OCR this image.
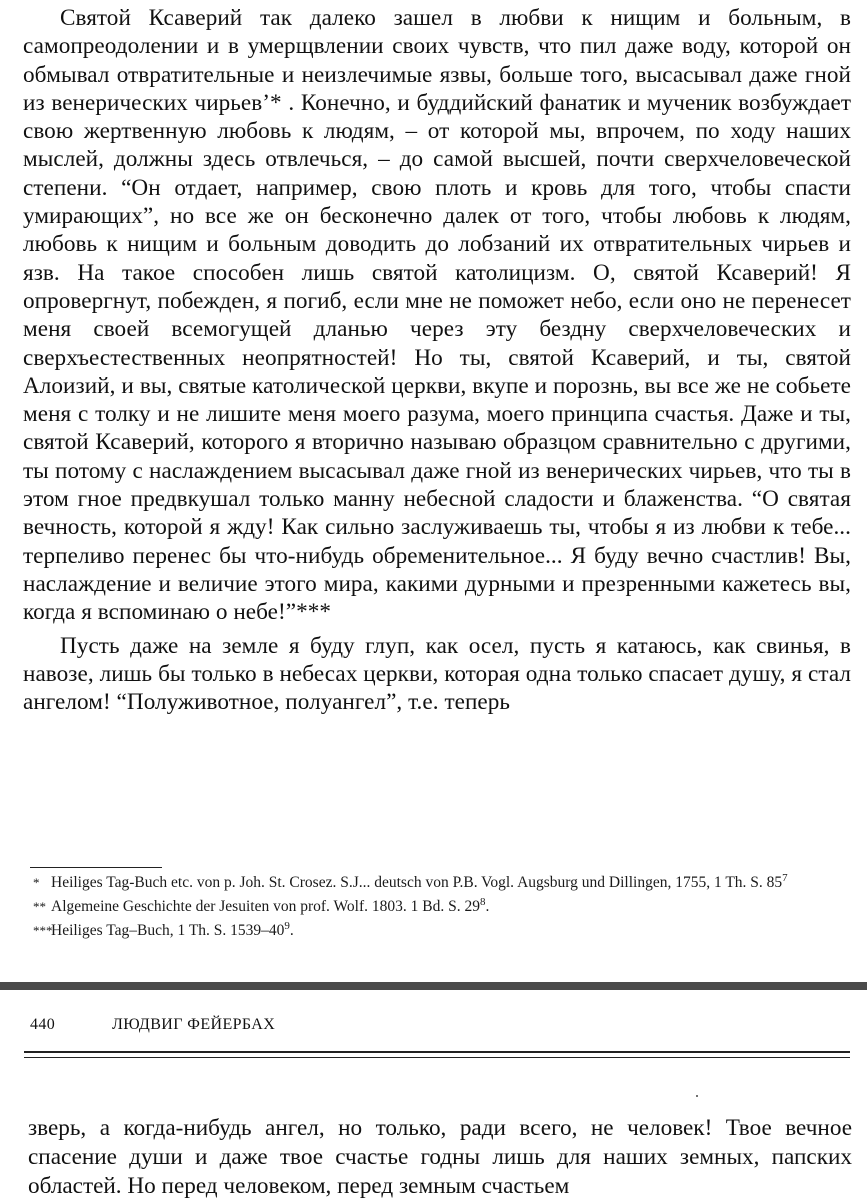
Святой Ксаверий так далеко зашел в любви к нищим и больным, в самопреодолении и в умерщвлении своих чувств, что пил даже воду, которой он обмывал отвратительные и неизлечимые язвы, больше того, высасывал даже гной из венерических чирьев’* . Конечно, и буддийский фанатик и мученик возбуждает свою жертвенную любовь к людям, – от которой мы, впрочем, по ходу наших мыслей, должны здесь отвлечься, – до самой высшей, почти сверхчеловеческой степени. “Он отдает, например, свою плоть и кровь для того, чтобы спасти умирающих”, но все же он бесконечно далек от того, чтобы любовь к людям, любовь к нищим и больным доводить до лобзаний их отвратительных чирьев и язв. На такое способен лишь святой католицизм. О, святой Ксаверий! Я опровергнут, побежден, я погиб, если мне не поможет небо, если оно не перенесет меня своей всемогущей дланью через эту бездну сверхчеловеческих и сверхъестественных неопрятностей! Но ты, святой Ксаверий, и ты, святой Алоизий, и вы, святые католической церкви, вкупе и порознь, вы все же не собьете меня с толку и не лишите меня моего разума, моего принципа счастья. Даже и ты, святой Ксаверий, которого я вторично называю образцом сравнительно с другими, ты потому с наслаждением высасывал даже гной из венерических чирьев, что ты в этом гное предвкушал только манну небесной сладости и блаженства. “О святая вечность, которой я жду! Как сильно заслуживаешь ты, чтобы я из любви к тебе... терпеливо перенес бы что-нибудь обременительное... Я буду вечно счастлив! Вы, наслаждение и величие этого мира, какими дурными и презренными кажетесь вы, когда я вспоминаю о небе!”***

Пусть даже на земле я буду глуп, как осел, пусть я катаюсь, как свинья, в навозе, лишь бы только в небесах церкви, которая одна только спасает душу, я стал ангелом! “Полуживотное, полуангел”, т.е. теперь

* Heiliges Tag-Buch etc. von p. Joh. St. Crosez. S.J... deutsch von P.B. Vogl. Augsburg und Dillingen, 1755, 1 Th. S. $85^7$

** Algemeine Geschichte der Jesuiten von prof. Wolf. 1803. 1 Bd. S. $29^8$.

***Heiliges Tag–Buch, 1 Th. S. $1539-40^9$.

440	ЛЮДВИГ ФЕЙЕРБАХ

зверь, а когда-нибудь ангел, но только, ради всего, не человек! Твое вечное спасение души и даже твое счастье годны лишь для наших земных, папских областей. Но перед человеком, перед земным счастьем
